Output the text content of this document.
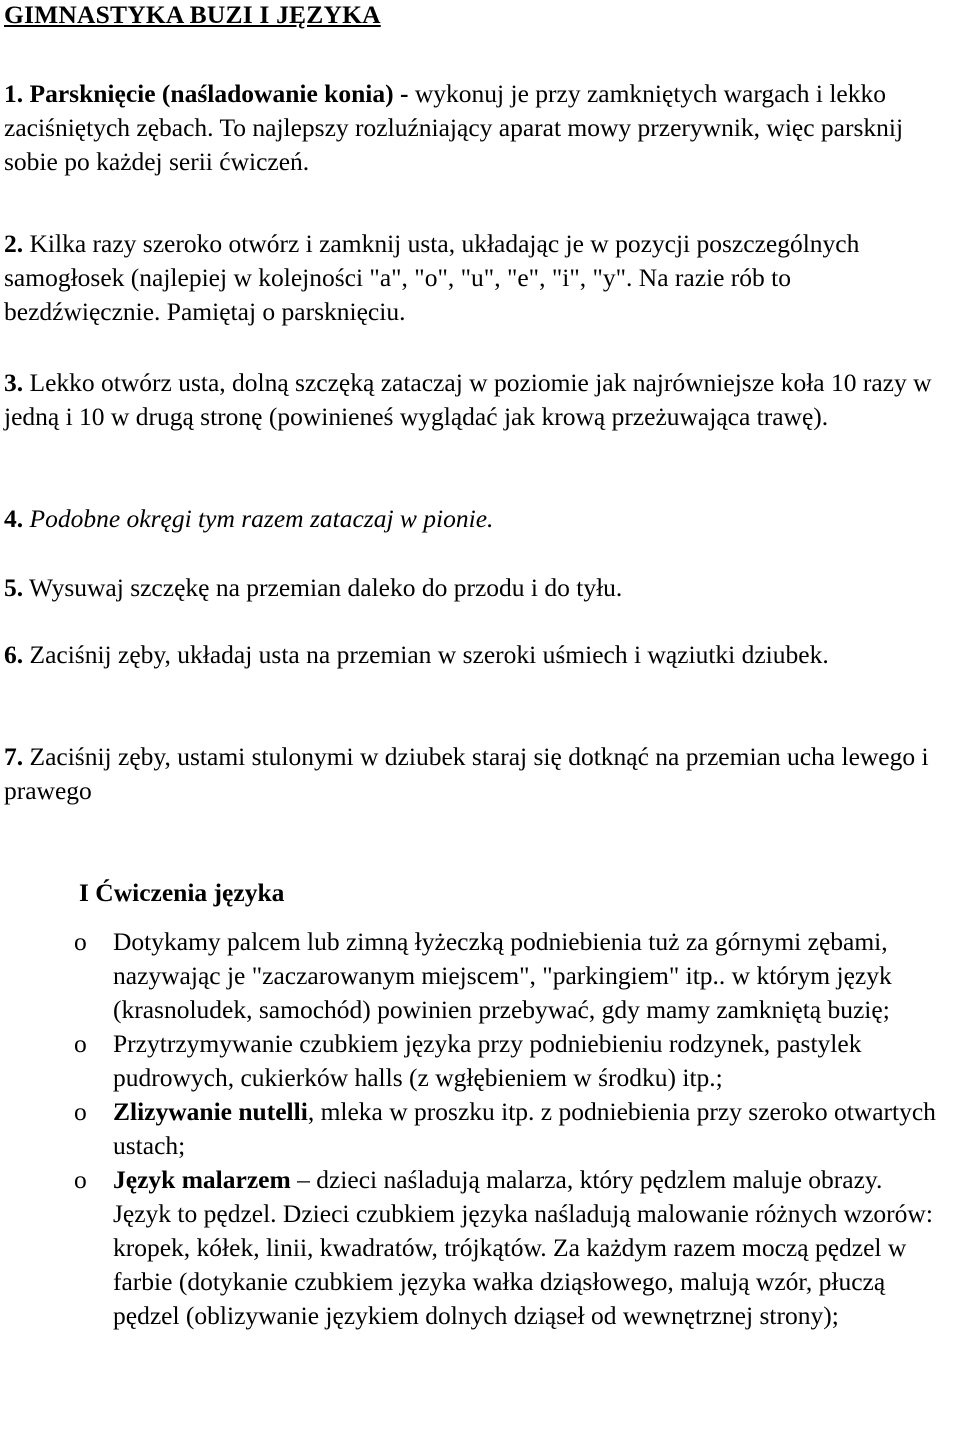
GIMNASTYKA BUZI I JĘZYKA

1. Parsknięcie (naśladowanie konia) - wykonuj je przy zamkniętych wargach i lekko zaciśniętych zębach. To najlepszy rozluźniający aparat mowy przerywnik, więc parsknij sobie po każdej serii ćwiczeń.

2. Kilka razy szeroko otwórz i zamknij usta, układając je w pozycji poszczególnych samogłosek (najlepiej w kolejności "a", "o", "u", "e", "i", "y". Na razie rób to bezdźwięcznie. Pamiętaj o parsknięciu.

3. Lekko otwórz usta, dolną szczęką zataczaj w poziomie jak najrówniejsze koła 10 razy w jedną i 10 w drugą stronę (powinieneś wyglądać jak krową przeżuwająca trawę).

4. Podobne okręgi tym razem zataczaj w pionie.

5. Wysuwaj szczękę na przemian daleko do przodu i do tyłu.

6. Zaciśnij zęby, układaj usta na przemian w szeroki uśmiech i wąziutki dziubek.

7. Zaciśnij zęby, ustami stulonymi w dziubek staraj się dotknąć na przemian ucha lewego i prawego

I Ćwiczenia języka
o Dotykamy palcem lub zimną łyżeczką podniebienia tuż za górnymi zębami, nazywając je "zaczarowanym miejscem", "parkingiem" itp.. w którym język (krasnoludek, samochód) powinien przebywać, gdy mamy zamkniętą buzię;
o Przytrzymywanie czubkiem języka przy podniebieniu rodzynek, pastylek pudrowych, cukierków halls (z wgłębieniem w środku) itp.;
o Zlizywanie nutelli, mleka w proszku itp. z podniebienia przy szeroko otwartych ustach;
o Język malarzem – dzieci naśladują malarza, który pędzlem maluje obrazy. Język to pędzel. Dzieci czubkiem języka naśladują malowanie różnych wzorów:
kropek, kółek, linii, kwadratów, trójkątów. Za każdym razem moczą pędzel w farbie (dotykanie czubkiem języka wałka dziąsłowego, malują wzór, płuczą pędzel (oblizywanie językiem dolnych dziąseł od wewnętrznej strony);
